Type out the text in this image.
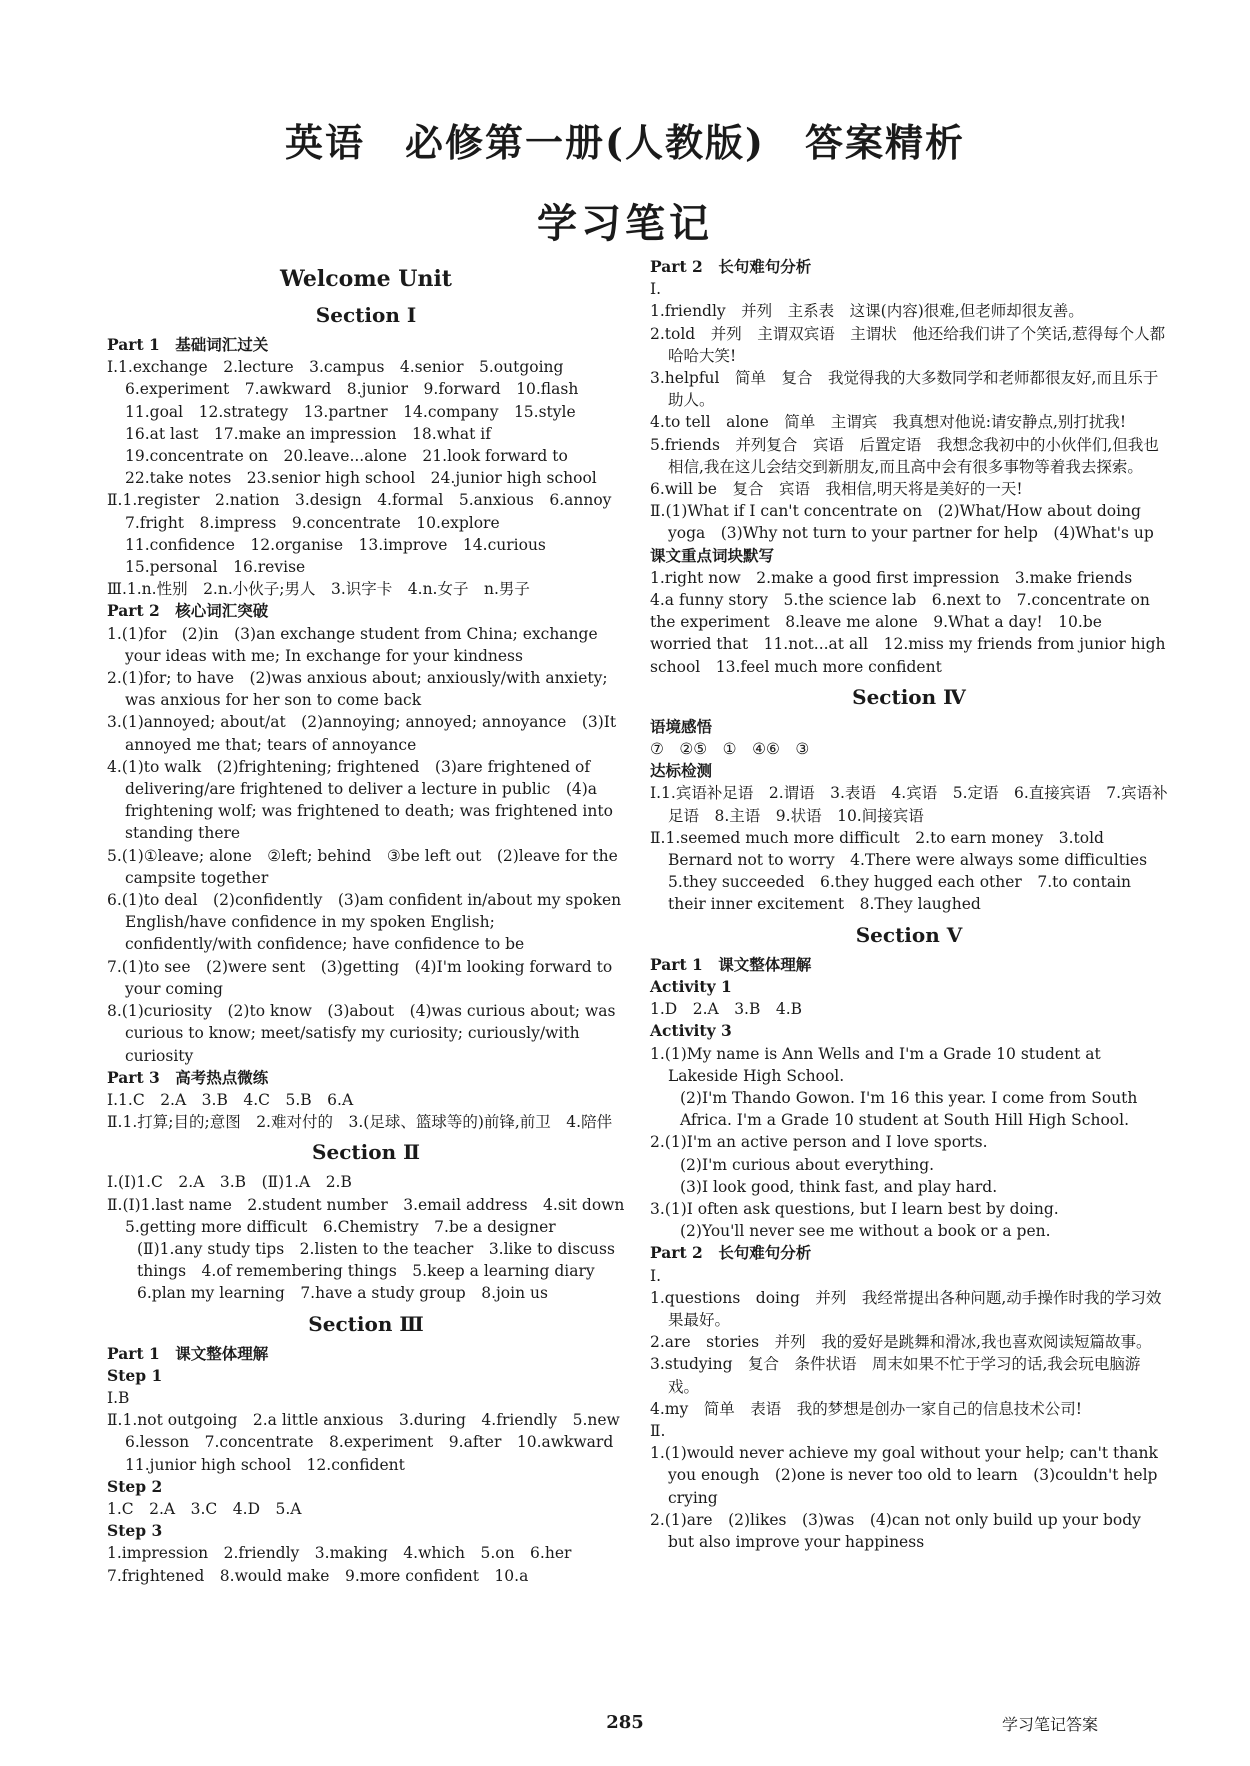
英语　必修第一册(人教版)　答案精析
学习笔记
Welcome Unit
Section Ⅰ

Part 1　基础词汇过关

Ⅰ.1.exchange　2.lecture　3.campus　4.senior　5.outgoing　6.experiment　7.awkward　8.junior　9.forward　10.flash　11.goal　12.strategy　13.partner　14.company　15.style　16.at last　17.make an impression　18.what if　19.concentrate on　20.leave...alone　21.look forward to　22.take notes　23.senior high school　24.junior high school

Ⅱ.1.register　2.nation　3.design　4.formal　5.anxious　6.annoy　7.fright　8.impress　9.concentrate　10.explore　11.confidence　12.organise　13.improve　14.curious　15.personal　16.revise

Ⅲ.1.n.性别　2.n.小伙子;男人　3.识字卡　4.n.女子　n.男子

Part 2　核心词汇突破

1.(1)for　(2)in　(3)an exchange student from China; exchange your ideas with me; In exchange for your kindness

2.(1)for; to have　(2)was anxious about; anxiously/with anxiety; was anxious for her son to come back

3.(1)annoyed; about/at　(2)annoying; annoyed; annoyance　(3)It annoyed me that; tears of annoyance

4.(1)to walk　(2)frightening; frightened　(3)are frightened of delivering/are frightened to deliver a lecture in public　(4)a frightening wolf; was frightened to death; was frightened into standing there

5.(1)①leave; alone　②left; behind　③be left out　(2)leave for the campsite together

6.(1)to deal　(2)confidently　(3)am confident in/about my spoken English/have confidence in my spoken English; confidently/with confidence; have confidence to be

7.(1)to see　(2)were sent　(3)getting　(4)I'm looking forward to your coming

8.(1)curiosity　(2)to know　(3)about　(4)was curious about; was curious to know; meet/satisfy my curiosity; curiously/with curiosity

Part 3　高考热点微练

Ⅰ.1.C　2.A　3.B　4.C　5.B　6.A

Ⅱ.1.打算;目的;意图　2.难对付的　3.(足球、篮球等的)前锋,前卫　4.陪伴

Section Ⅱ

Ⅰ.(Ⅰ)1.C　2.A　3.B　(Ⅱ)1.A　2.B

Ⅱ.(Ⅰ)1.last name　2.student number　3.email address　4.sit down　5.getting more difficult　6.Chemistry　7.be a designer

(Ⅱ)1.any study tips　2.listen to the teacher　3.like to discuss things　4.of remembering things　5.keep a learning diary　6.plan my learning　7.have a study group　8.join us

Section Ⅲ

Part 1　课文整体理解

Step 1

Ⅰ.B

Ⅱ.1.not outgoing　2.a little anxious　3.during　4.friendly　5.new　6.lesson　7.concentrate　8.experiment　9.after　10.awkward　11.junior high school　12.confident

Step 2

1.C　2.A　3.C　4.D　5.A

Step 3

1.impression　2.friendly　3.making　4.which　5.on　6.her　7.frightened　8.would make　9.more confident　10.a

Part 2　长句难句分析

Ⅰ.

1.friendly　并列　主系表　这课(内容)很难,但老师却很友善。

2.told　并列　主谓双宾语　主谓状　他还给我们讲了个笑话,惹得每个人都哈哈大笑!

3.helpful　简单　复合　我觉得我的大多数同学和老师都很友好,而且乐于助人。

4.to tell　alone　简单　主谓宾　我真想对他说:请安静点,别打扰我!

5.friends　并列复合　宾语　后置定语　我想念我初中的小伙伴们,但我也相信,我在这儿会结交到新朋友,而且高中会有很多事物等着我去探索。

6.will be　复合　宾语　我相信,明天将是美好的一天!

Ⅱ.(1)What if I can't concentrate on　(2)What/How about doing yoga　(3)Why not turn to your partner for help　(4)What's up

课文重点词块默写

1.right now　2.make a good first impression　3.make friends　4.a funny story　5.the science lab　6.next to　7.concentrate on the experiment　8.leave me alone　9.What a day!　10.be worried that　11.not...at all　12.miss my friends from junior high school　13.feel much more confident

Section Ⅳ

语境感悟

⑦　②⑤　①　④⑥　③

达标检测

Ⅰ.1.宾语补足语　2.谓语　3.表语　4.宾语　5.定语　6.直接宾语　7.宾语补足语　8.主语　9.状语　10.间接宾语

Ⅱ.1.seemed much more difficult　2.to earn money　3.told Bernard not to worry　4.There were always some difficulties　5.they succeeded　6.they hugged each other　7.to contain their inner excitement　8.They laughed

Section Ⅴ

Part 1　课文整体理解

Activity 1

1.D　2.A　3.B　4.B

Activity 3

1.(1)My name is Ann Wells and I'm a Grade 10 student at Lakeside High School.

(2)I'm Thando Gowon. I'm 16 this year. I come from South Africa. I'm a Grade 10 student at South Hill High School.

2.(1)I'm an active person and I love sports.

(2)I'm curious about everything.

(3)I look good, think fast, and play hard.

3.(1)I often ask questions, but I learn best by doing.

(2)You'll never see me without a book or a pen.

Part 2　长句难句分析

Ⅰ.

1.questions　doing　并列　我经常提出各种问题,动手操作时我的学习效果最好。

2.are　stories　并列　我的爱好是跳舞和滑冰,我也喜欢阅读短篇故事。

3.studying　复合　条件状语　周末如果不忙于学习的话,我会玩电脑游戏。

4.my　简单　表语　我的梦想是创办一家自己的信息技术公司!

Ⅱ.

1.(1)would never achieve my goal without your help; can't thank you enough　(2)one is never too old to learn　(3)couldn't help crying

2.(1)are　(2)likes　(3)was　(4)can not only build up your body but also improve your happiness

285	学习笔记答案
